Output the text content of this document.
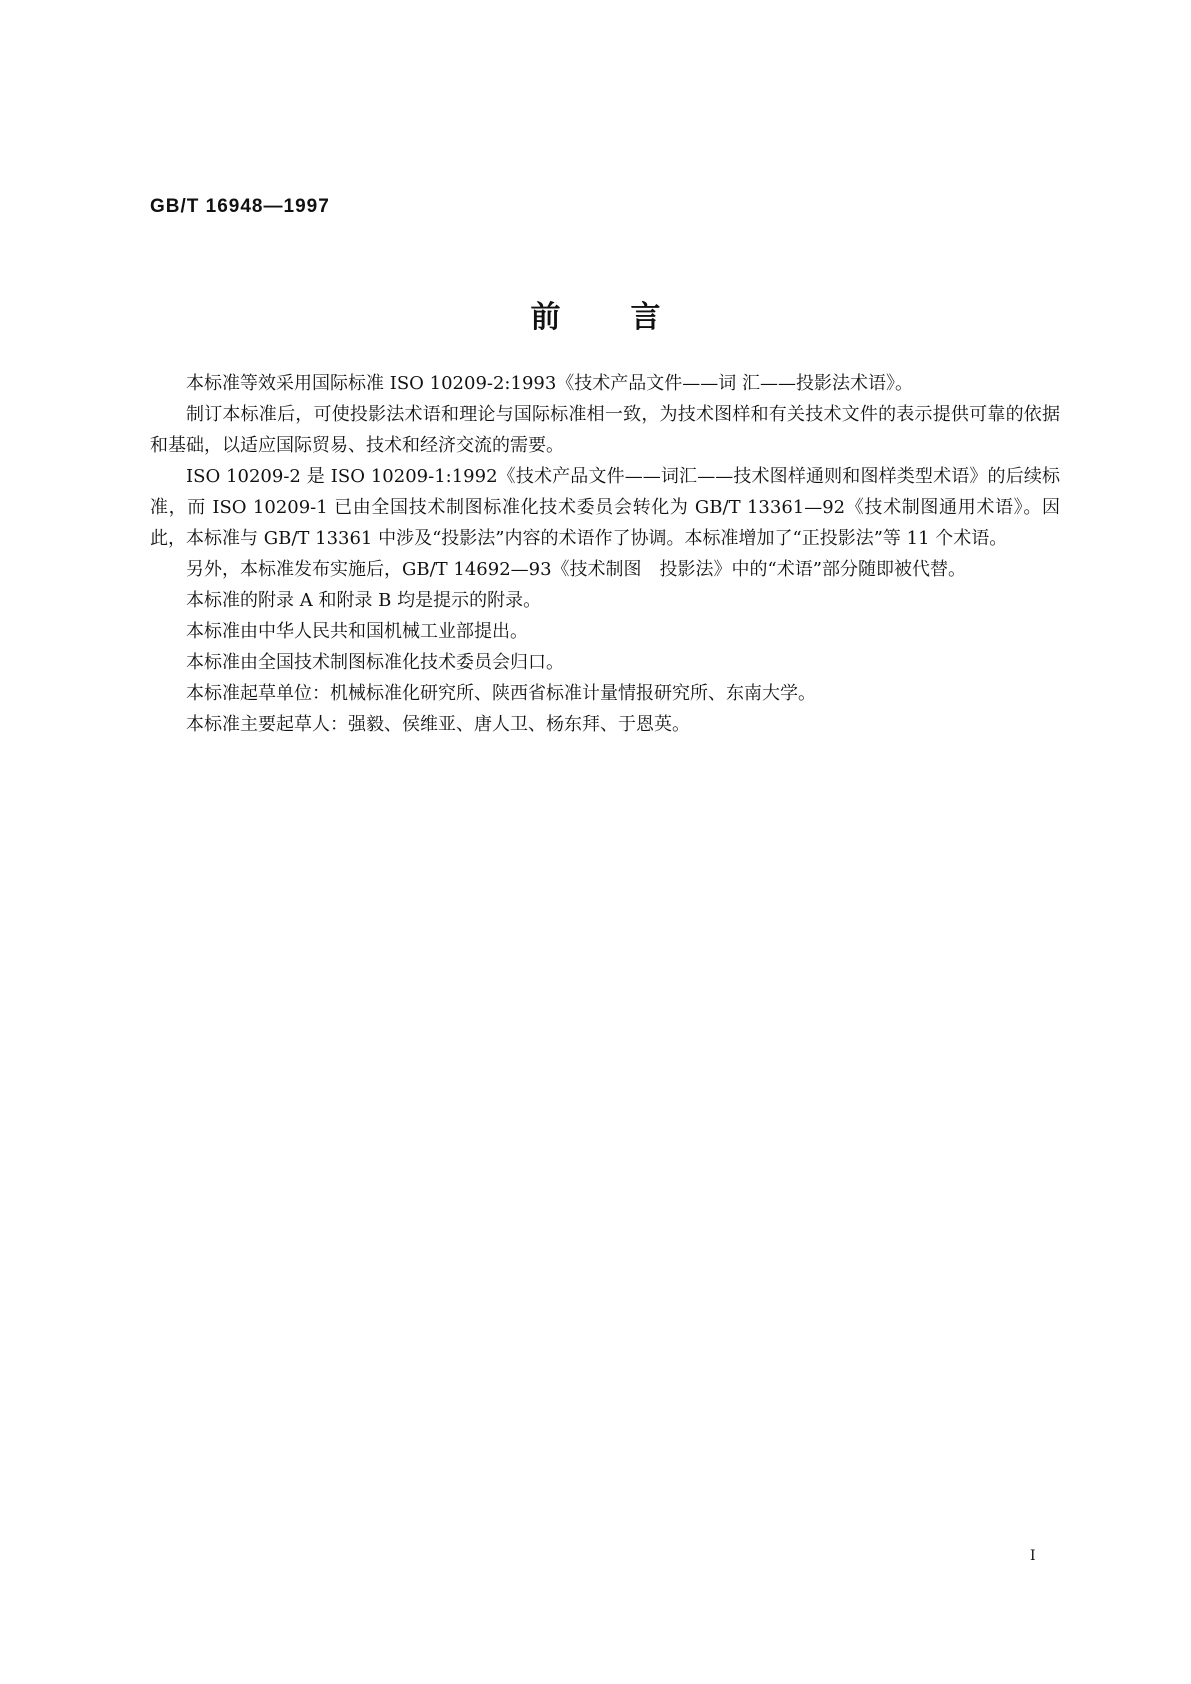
GB/T 16948—1997
前言

本标准等效采用国际标准 ISO 10209-2:1993《技术产品文件——词 汇——投影法术语》。

制订本标准后，可使投影法术语和理论与国际标准相一致，为技术图样和有关技术文件的表示提供可靠的依据和基础，以适应国际贸易、技术和经济交流的需要。

ISO 10209-2 是 ISO 10209-1:1992《技术产品文件——词汇——技术图样通则和图样类型术语》的后续标准，而 ISO 10209-1 已由全国技术制图标准化技术委员会转化为 GB/T 13361—92《技术制图通用术语》。因此，本标准与 GB/T 13361 中涉及“投影法”内容的术语作了协调。本标准增加了“正投影法”等 11 个术语。

另外，本标准发布实施后，GB/T 14692—93《技术制图　投影法》中的“术语”部分随即被代替。

本标准的附录 A 和附录 B 均是提示的附录。

本标准由中华人民共和国机械工业部提出。

本标准由全国技术制图标准化技术委员会归口。

本标准起草单位：机械标准化研究所、陕西省标准计量情报研究所、东南大学。

本标准主要起草人：强毅、侯维亚、唐人卫、杨东拜、于恩英。

I
